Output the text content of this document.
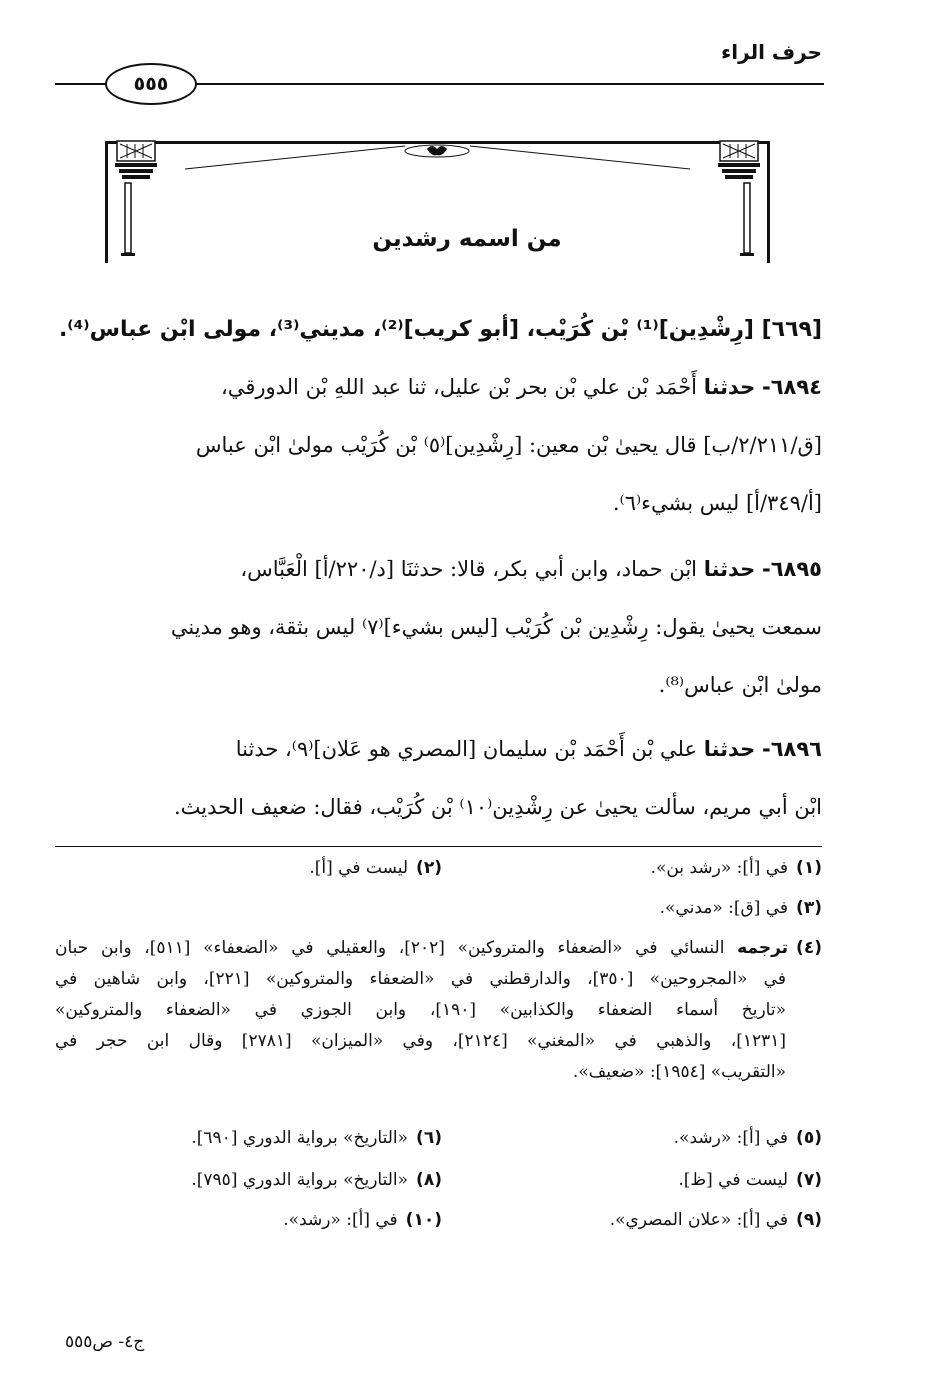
حرف الراء
٥٥٥
من اسمه رشدين
[٦٦٩] [رِشْدِين]⁽¹⁾ بْن كُرَيْب، [أبو كريب]⁽²⁾، مديني⁽³⁾، مولى ابْن عباس⁽⁴⁾.
٦٨٩٤- حدثنا أَحْمَد بْن علي بْن بحر بْن عليل، ثنا عبد اللهِ بْن الدورقي،
[ق/٢/٢١١/ب] قال يحيىٰ بْن معين: [رِشْدِين]⁽٥⁾ بْن كُرَيْب مولىٰ ابْن عباس
[أ/٣٤٩/أ] ليس بشيء⁽٦⁾.
٦٨٩٥- حدثنا ابْن حماد، وابن أبي بكر، قالا: حدثنَا [د/٢٢٠/أ] الْعَبَّاس،
سمعت يحيىٰ يقول: رِشْدِين بْن كُرَيْب [ليس بشيء]⁽٧⁾ ليس بثقة، وهو مديني
مولىٰ ابْن عباس⁽⁸⁾.
٦٨٩٦- حدثنا علي بْن أَحْمَد بْن سليمان [المصري هو عَلان]⁽٩⁾، حدثنا
ابْن أبي مريم، سألت يحيىٰ عن رِشْدِين⁽١٠⁾ بْن كُرَيْب، فقال: ضعيف الحديث.
(١)في [أ]: «رشد بن».
(٢)ليست في [أ].
(٣)في [ق]: «مدني».
(٤)ترجمه النسائي في «الضعفاء والمتروكين» [٢٠٢]، والعقيلي في «الضعفاء» [٥١١]، وابن حبان
في «المجروحين» [٣٥٠]، والدارقطني في «الضعفاء والمتروكين» [٢٢١]، وابن شاهين في
«تاريخ أسماء الضعفاء والكذابين» [١٩٠]، وابن الجوزي في «الضعفاء والمتروكين»
[١٢٣١]، والذهبي في «المغني» [٢١٢٤]، وفي «الميزان» [٢٧٨١] وقال ابن حجر في
«التقريب» [١٩٥٤]: «ضعيف».
(٥)في [أ]: «رشد».
(٦)«التاريخ» برواية الدوري [٦٩٠].
(٧)ليست في [ظ].
(٨)«التاريخ» برواية الدوري [٧٩٥].
(٩)في [أ]: «علان المصري».
(١٠)في [أ]: «رشد».
ج٤- ص٥٥٥
